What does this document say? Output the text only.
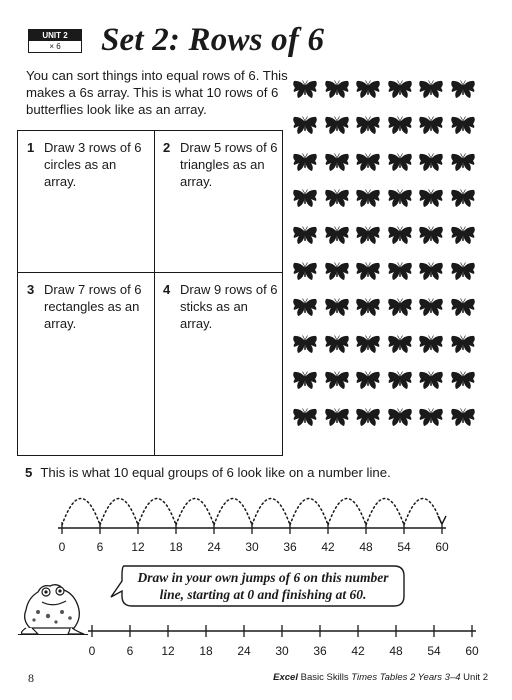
UNIT 2
× 6	Set 2: Rows of 6
You can sort things into equal rows of 6. This makes a 6s array. This is what 10 rows of 6 butterflies look like as an array.
1 Draw 3 rows of 6 circles as an array.
2 Draw 5 rows of 6 triangles as an array.
3 Draw 7 rows of 6 rectangles as an array.
4 Draw 9 rows of 6 sticks as an array.
5 This is what 10 equal groups of 6 look like on a number line.
0	6 12 18 24 30 36 42 48 54 60
0	6 12 18 24 30 36 42 48 54 60
Draw in your own jumps of 6 on this number line, starting at 0 and finishing at 60.
8	Excel Basic Skills Times Tables 2 Years 3–4 Unit 2
